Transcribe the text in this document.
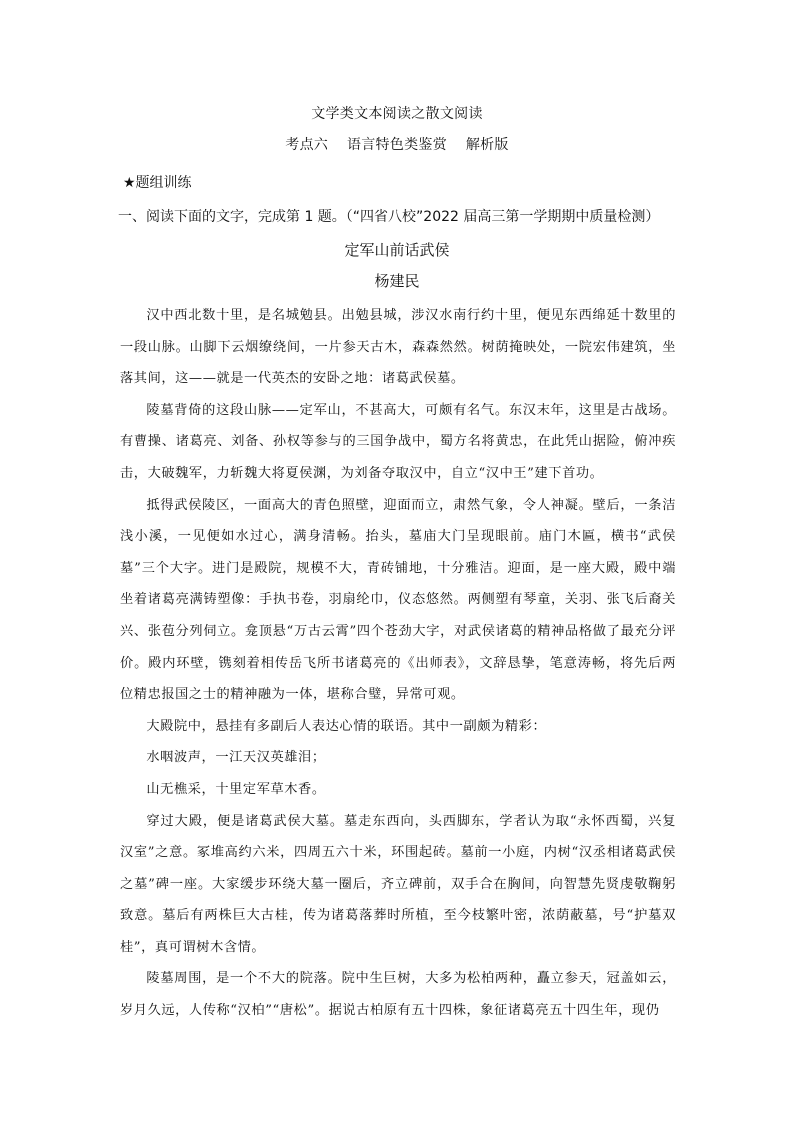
文学类文本阅读之散文阅读
考点六 语言特色类鉴赏 解析版
★题组训练
一、阅读下面的文字，完成第 1 题。（“四省八校”2022 届高三第一学期期中质量检测）
定军山前话武侯
杨建民

汉中西北数十里，是名城勉县。出勉县城，涉汉水南行约十里，便见东西绵延十数里的一段山脉。山脚下云烟缭绕间，一片参天古木，森森然然。树荫掩映处，一院宏伟建筑，坐落其间，这——就是一代英杰的安卧之地：诸葛武侯墓。

陵墓背倚的这段山脉——定军山，不甚高大，可颇有名气。东汉末年，这里是古战场。有曹操、诸葛亮、刘备、孙权等参与的三国争战中，蜀方名将黄忠，在此凭山据险，俯冲疾击，大破魏军，力斩魏大将夏侯渊，为刘备夺取汉中，自立“汉中王”建下首功。

抵得武侯陵区，一面高大的青色照壁，迎面而立，肃然气象，令人神凝。壁后，一条洁浅小溪，一见便如水过心，满身清畅。抬头，墓庙大门呈现眼前。庙门木匾，横书“武侯墓”三个大字。进门是殿院，规模不大，青砖铺地，十分雅洁。迎面，是一座大殿，殿中端坐着诸葛亮满铸塑像：手执书卷，羽扇纶巾，仪态悠然。两侧塑有琴童，关羽、张飞后裔关兴、张苞分列伺立。龛顶悬“万古云霄”四个苍劲大字，对武侯诸葛的精神品格做了最充分评价。殿内环壁，镌刻着相传岳飞所书诸葛亮的《出师表》，文辞恳挚，笔意涛畅，将先后两位精忠报国之士的精神融为一体，堪称合璧，异常可观。

大殿院中，悬挂有多副后人表达心情的联语。其中一副颇为精彩：

水咽波声，一江天汉英雄泪；

山无樵采，十里定军草木香。

穿过大殿，便是诸葛武侯大墓。墓走东西向，头西脚东，学者认为取“永怀西蜀，兴复汉室”之意。冢堆高约六米，四周五六十米，环围起砖。墓前一小庭，内树“汉丞相诸葛武侯之墓”碑一座。大家缓步环绕大墓一圈后，齐立碑前，双手合在胸间，向智慧先贤虔敬鞠躬致意。墓后有两株巨大古桂，传为诸葛落葬时所植，至今枝繁叶密，浓荫蔽墓，号“护墓双桂”，真可谓树木含情。

陵墓周围，是一个不大的院落。院中生巨树，大多为松柏两种，矗立参天，冠盖如云，岁月久远，人传称“汉柏”“唐松”。据说古柏原有五十四株，象征诸葛亮五十四生年，现仍
